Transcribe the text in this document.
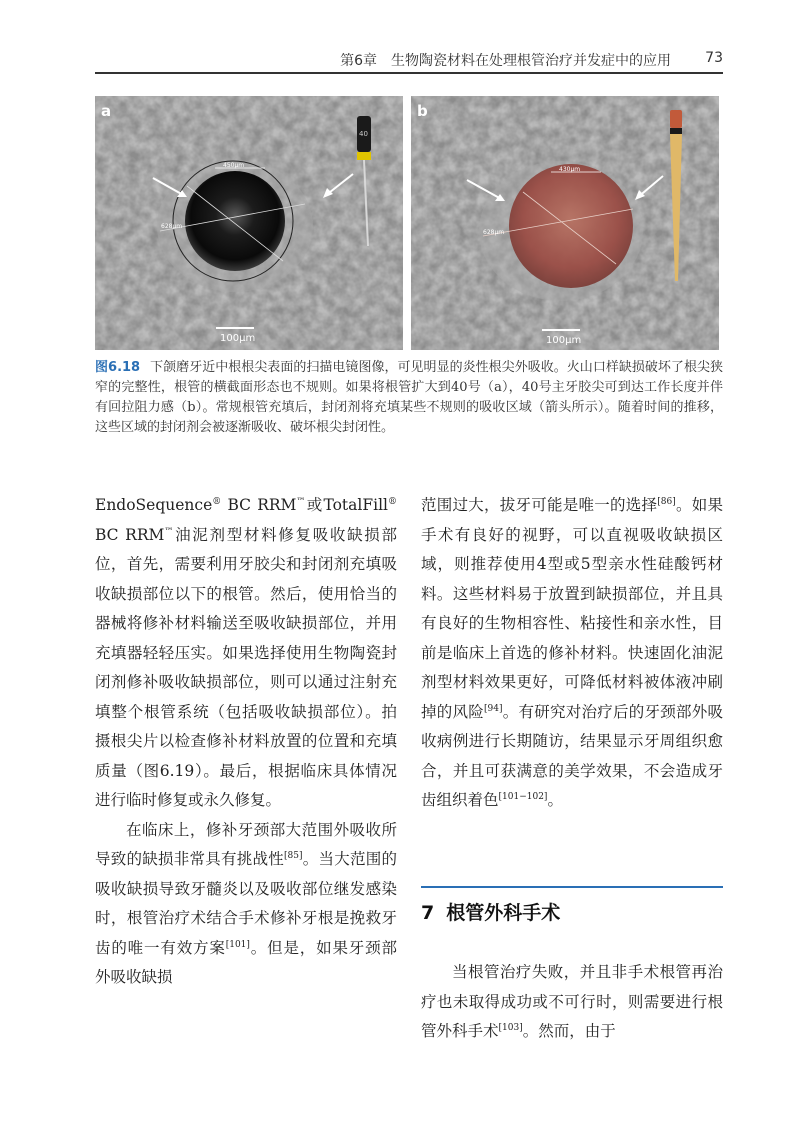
第6章　生物陶瓷材料在处理根管治疗并发症中的应用 73
450μm
628μm
40
100μm
a
430μm
628μm
100μm
b
图6.18 下颌磨牙近中根根尖表面的扫描电镜图像，可见明显的炎性根尖外吸收。火山口样缺损破坏了根尖狭窄的完整性，根管的横截面形态也不规则。如果将根管扩大到40号（a），40号主牙胶尖可到达工作长度并伴有回拉阻力感（b）。常规根管充填后，封闭剂将充填某些不规则的吸收区域（箭头所示）。随着时间的推移，这些区域的封闭剂会被逐渐吸收、破坏根尖封闭性。

EndoSequence® BC RRM™或TotalFill® BC RRM™油泥剂型材料修复吸收缺损部位，首先，需要利用牙胶尖和封闭剂充填吸收缺损部位以下的根管。然后，使用恰当的器械将修补材料输送至吸收缺损部位，并用充填器轻轻压实。如果选择使用生物陶瓷封闭剂修补吸收缺损部位，则可以通过注射充填整个根管系统（包括吸收缺损部位）。拍摄根尖片以检查修补材料放置的位置和充填质量（图6.19）。最后，根据临床具体情况进行临时修复或永久修复。

在临床上，修补牙颈部大范围外吸收所导致的缺损非常具有挑战性[85]。当大范围的吸收缺损导致牙髓炎以及吸收部位继发感染时，根管治疗术结合手术修补牙根是挽救牙齿的唯一有效方案[101]。但是，如果牙颈部外吸收缺损

范围过大，拔牙可能是唯一的选择[86]。如果手术有良好的视野，可以直视吸收缺损区域，则推荐使用4型或5型亲水性硅酸钙材料。这些材料易于放置到缺损部位，并且具有良好的生物相容性、粘接性和亲水性，目前是临床上首选的修补材料。快速固化油泥剂型材料效果更好，可降低材料被体液冲刷掉的风险[94]。有研究对治疗后的牙颈部外吸收病例进行长期随访，结果显示牙周组织愈合，并且可获满意的美学效果，不会造成牙齿组织着色[101−102]。

7 根管外科手术

当根管治疗失败，并且非手术根管再治疗也未取得成功或不可行时，则需要进行根管外科手术[103]。然而，由于
